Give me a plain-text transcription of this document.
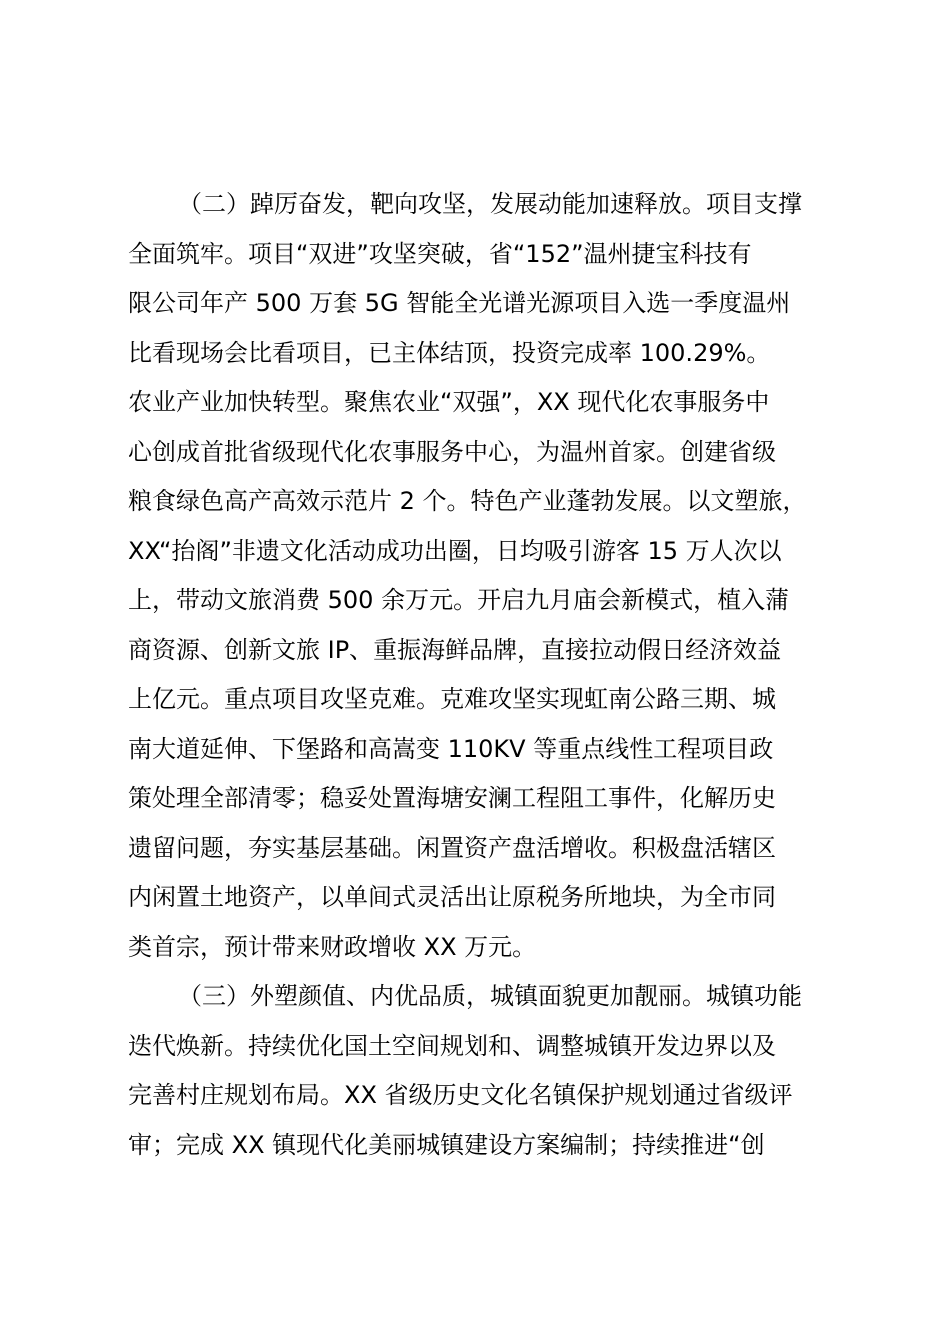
（二）踔厉奋发，靶向攻坚，发展动能加速释放。项目支撑
全面筑牢。项目“双进”攻坚突破，省“152”温州捷宝科技有
限公司年产 500 万套 5G 智能全光谱光源项目入选一季度温州
比看现场会比看项目，已主体结顶，投资完成率 100.29%。
农业产业加快转型。聚焦农业“双强”，XX 现代化农事服务中
心创成首批省级现代化农事服务中心，为温州首家。创建省级
粮食绿色高产高效示范片 2 个。特色产业蓬勃发展。以文塑旅，
XX“抬阁”非遗文化活动成功出圈，日均吸引游客 15 万人次以
上，带动文旅消费 500 余万元。开启九月庙会新模式，植入蒲
商资源、创新文旅 IP、重振海鲜品牌，直接拉动假日经济效益
上亿元。重点项目攻坚克难。克难攻坚实现虹南公路三期、城
南大道延伸、下堡路和高嵩变 110KV 等重点线性工程项目政
策处理全部清零；稳妥处置海塘安澜工程阻工事件，化解历史
遗留问题，夯实基层基础。闲置资产盘活增收。积极盘活辖区
内闲置土地资产，以单间式灵活出让原税务所地块，为全市同
类首宗，预计带来财政增收 XX 万元。
（三）外塑颜值、内优品质，城镇面貌更加靓丽。城镇功能
迭代焕新。持续优化国土空间规划和、调整城镇开发边界以及
完善村庄规划布局。XX 省级历史文化名镇保护规划通过省级评
审；完成 XX 镇现代化美丽城镇建设方案编制；持续推进“创
